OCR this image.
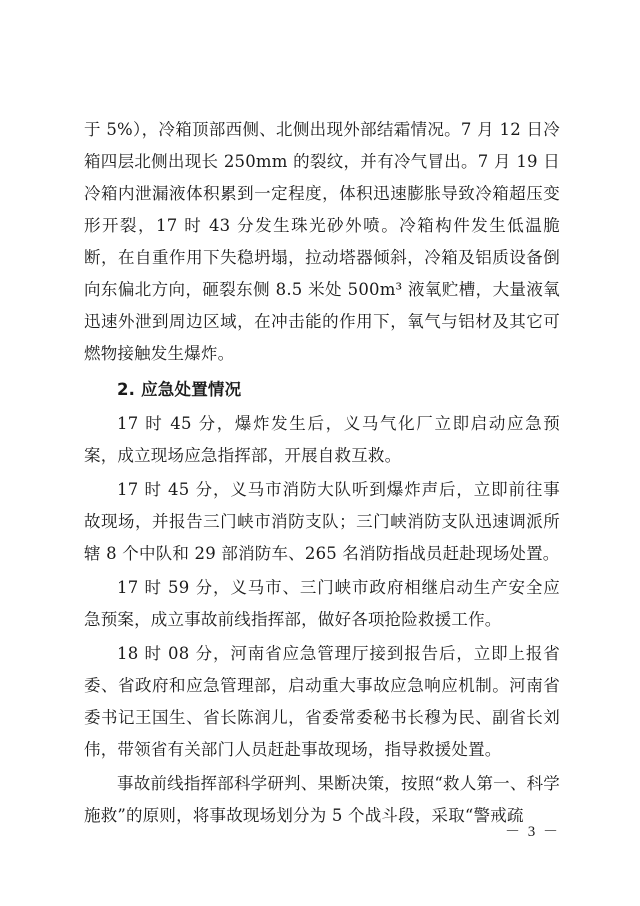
于 5%），冷箱顶部西侧、北侧出现外部结霜情况。7 月 12 日冷箱四层北侧出现长 250mm 的裂纹，并有冷气冒出。7 月 19 日冷箱内泄漏液体积累到一定程度，体积迅速膨胀导致冷箱超压变形开裂，17 时 43 分发生珠光砂外喷。冷箱构件发生低温脆断，在自重作用下失稳坍塌，拉动塔器倾斜，冷箱及铝质设备倒向东偏北方向，砸裂东侧 8.5 米处 500m³ 液氧贮槽，大量液氧迅速外泄到周边区域，在冲击能的作用下，氧气与铝材及其它可燃物接触发生爆炸。

2. 应急处置情况

17 时 45 分，爆炸发生后，义马气化厂立即启动应急预案，成立现场应急指挥部，开展自救互救。

17 时 45 分，义马市消防大队听到爆炸声后，立即前往事故现场，并报告三门峡市消防支队；三门峡消防支队迅速调派所辖 8 个中队和 29 部消防车、265 名消防指战员赶赴现场处置。

17 时 59 分，义马市、三门峡市政府相继启动生产安全应急预案，成立事故前线指挥部，做好各项抢险救援工作。

18 时 08 分，河南省应急管理厅接到报告后，立即上报省委、省政府和应急管理部，启动重大事故应急响应机制。河南省委书记王国生、省长陈润儿，省委常委秘书长穆为民、副省长刘伟，带领省有关部门人员赶赴事故现场，指导救援处置。

事故前线指挥部科学研判、果断决策，按照“救人第一、科学施救”的原则，将事故现场划分为 5 个战斗段，采取“警戒疏

－ 3 －
